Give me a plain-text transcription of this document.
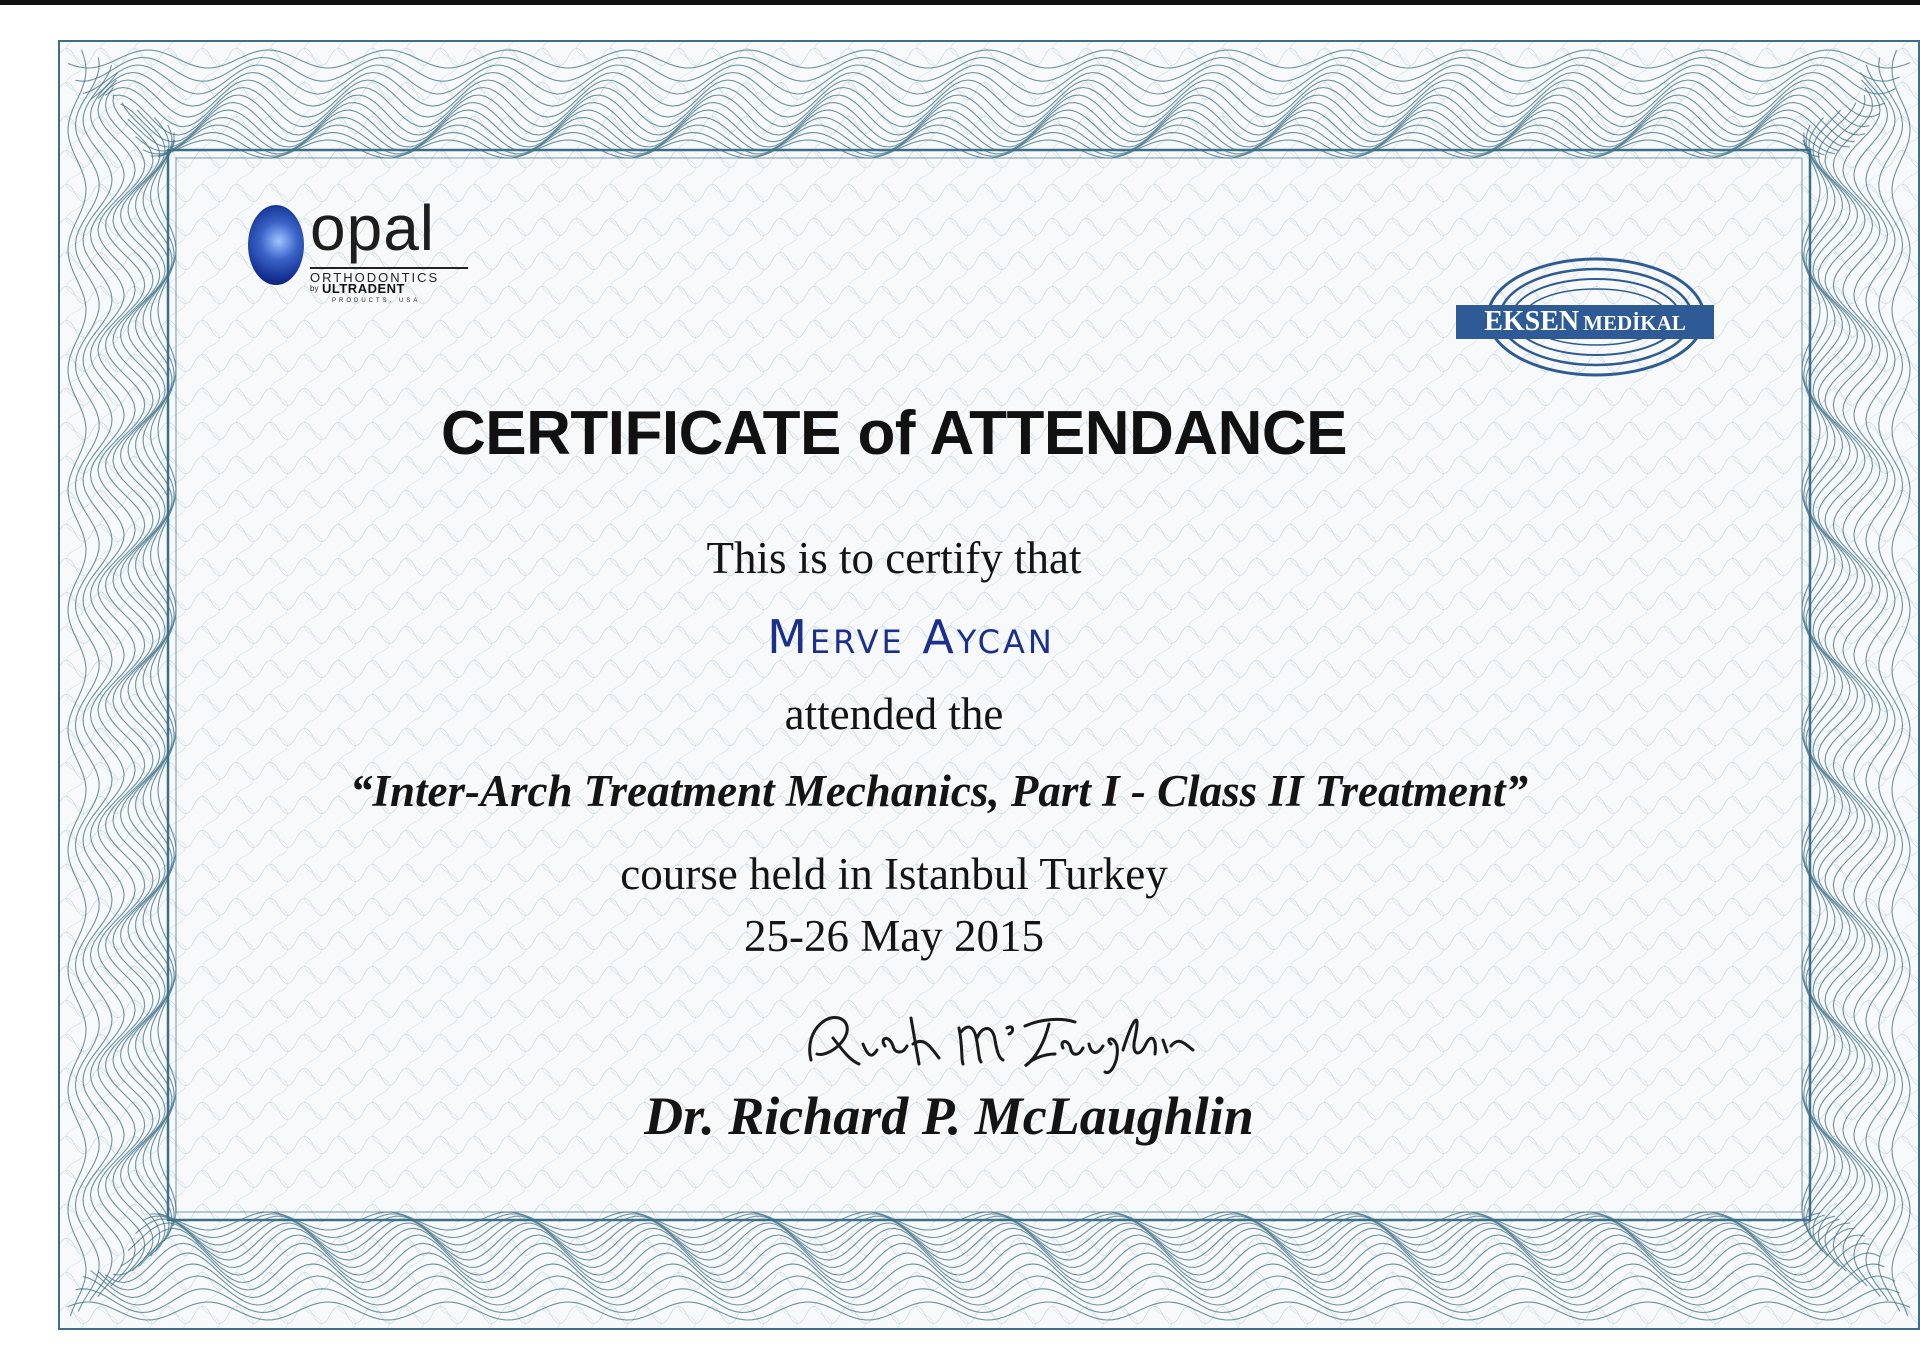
opal
ORTHODONTICS
by ULTRADENT
PRODUCTS, USA
EKSEN MEDİKAL
CERTIFICATE of ATTENDANCE
This is to certify that
Merve Aycan
attended the
“Inter-Arch Treatment Mechanics, Part I - Class II Treatment”
course held in Istanbul Turkey
25-26 May 2015
Dr. Richard P. McLaughlin
